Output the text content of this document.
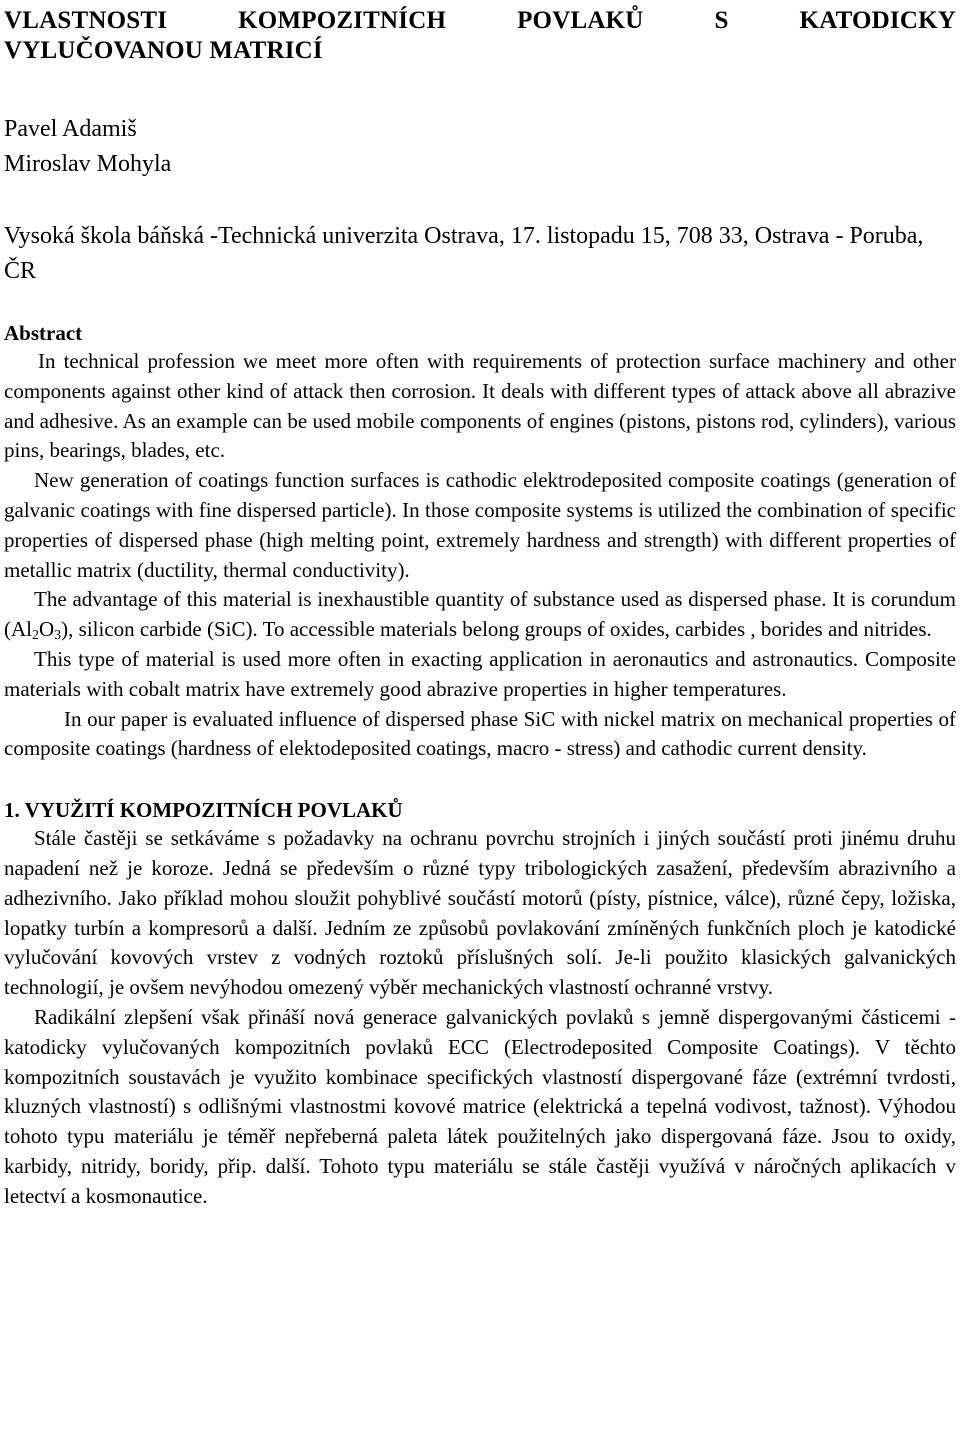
VLASTNOSTI KOMPOZITNÍCH POVLAKŮ S KATODICKY
VYLUČOVANOU MATRICÍ
Pavel Adamiš
Miroslav Mohyla
Vysoká škola báňská -Technická univerzita Ostrava, 17. listopadu 15, 708 33, Ostrava - Poruba, ČR
Abstract

In technical profession we meet more often with requirements of protection surface machinery and other components against other kind of attack then corrosion. It deals with different types of attack above all abrazive and adhesive. As an example can be used mobile components of engines (pistons, pistons rod, cylinders), various pins, bearings, blades, etc.

New generation of coatings function surfaces is cathodic elektrodeposited composite coatings (generation of galvanic coatings with fine dispersed particle). In those composite systems is utilized the combination of specific properties of dispersed phase (high melting point, extremely hardness and strength) with different properties of metallic matrix (ductility, thermal conductivity).

The advantage of this material is inexhaustible quantity of substance used as dispersed phase. It is corundum $(Al_2O_3)$, silicon carbide (SiC). To accessible materials belong groups of oxides, carbides , borides and nitrides.

This type of material is used more often in exacting application in aeronautics and astronautics. Composite materials with cobalt matrix have extremely good abrazive properties in higher temperatures.

In our paper is evaluated influence of dispersed phase SiC with nickel matrix on mechanical properties of composite coatings (hardness of elektodeposited coatings, macro - stress) and cathodic current density.

1. VYUŽITÍ KOMPOZITNÍCH POVLAKŮ

Stále častěji se setkáváme s požadavky na ochranu povrchu strojních i jiných součástí proti jinému druhu napadení než je koroze. Jedná se především o různé typy tribologických zasažení, především abrazivního a adhezivního. Jako příklad mohou sloužit pohyblivé součástí motorů (písty, pístnice, válce), různé čepy, ložiska, lopatky turbín a kompresorů a další. Jedním ze způsobů povlakování zmíněných funkčních ploch je katodické vylučování kovových vrstev z vodných roztoků příslušných solí. Je-li použito klasických galvanických technologií, je ovšem nevýhodou omezený výběr mechanických vlastností ochranné vrstvy.

Radikální zlepšení však přináší nová generace galvanických povlaků s jemně dispergovanými částicemi - katodicky vylučovaných kompozitních povlaků ECC (Electrodeposited Composite Coatings). V těchto kompozitních soustavách je využito kombinace specifických vlastností dispergované fáze (extrémní tvrdosti, kluzných vlastností) s odlišnými vlastnostmi kovové matrice (elektrická a tepelná vodivost, tažnost). Výhodou tohoto typu materiálu je téměř nepřeberná paleta látek použitelných jako dispergovaná fáze. Jsou to oxidy, karbidy, nitridy, boridy, přip. další. Tohoto typu materiálu se stále častěji využívá v náročných aplikacích v letectví a kosmonautice.
